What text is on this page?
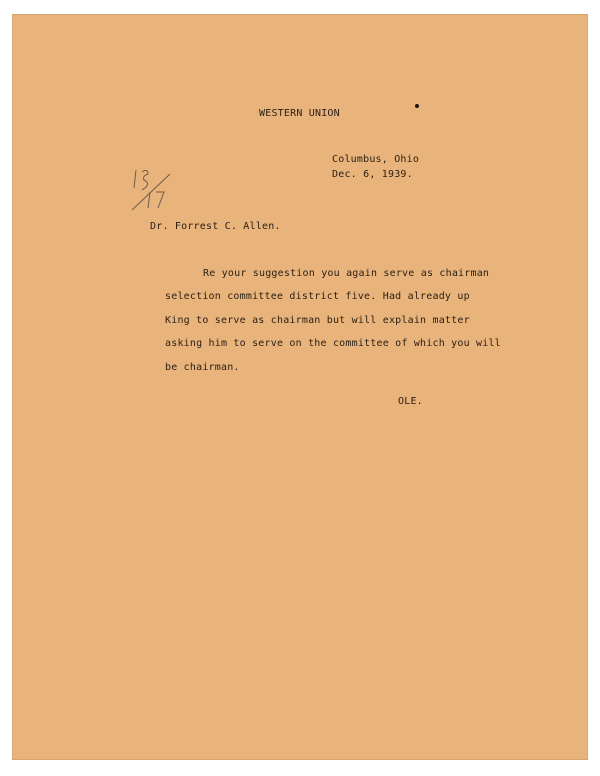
WESTERN UNION
Columbus, Ohio
Dec. 6, 1939.
Dr. Forrest C. Allen.
Re your suggestion you again serve as chairman
selection committee district five. Had already up
King to serve as chairman but will explain matter
asking him to serve on the committee of which you will
be chairman.
OLE.
